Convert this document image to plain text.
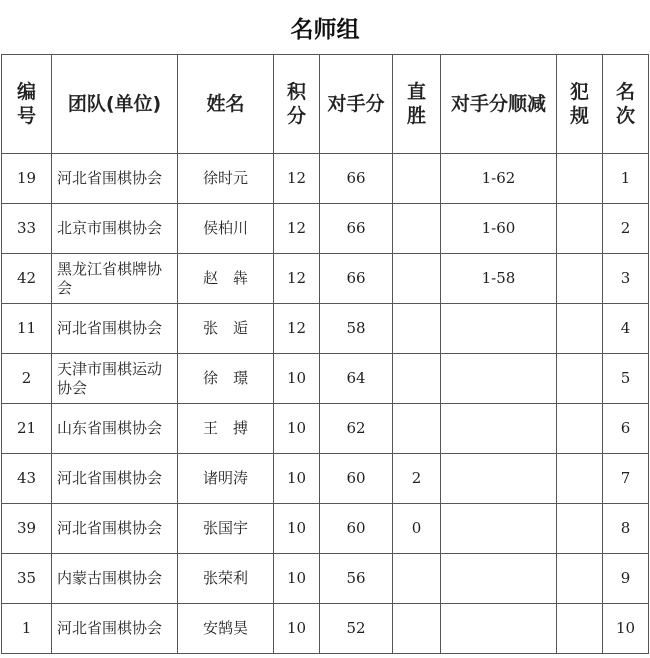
名师组
编号	团队(单位)	姓名	积分	对手分	直胜	对手分顺减	犯规	名次
19	河北省围棋协会	徐时元	12	66		1-62		1
33	北京市围棋协会	侯柏川	12	66		1-60		2
42	黑龙江省棋牌协会	赵　犇	12	66		1-58		3
11	河北省围棋协会	张　逅	12	58				4
2	天津市围棋运动协会	徐　璟	10	64				5
21	山东省围棋协会	王　搏	10	62				6
43	河北省围棋协会	诸明涛	10	60	2			7
39	河北省围棋协会	张国宇	10	60	0			8
35	内蒙古围棋协会	张荣利	10	56				9
1	河北省围棋协会	安鹄昊	10	52				10
